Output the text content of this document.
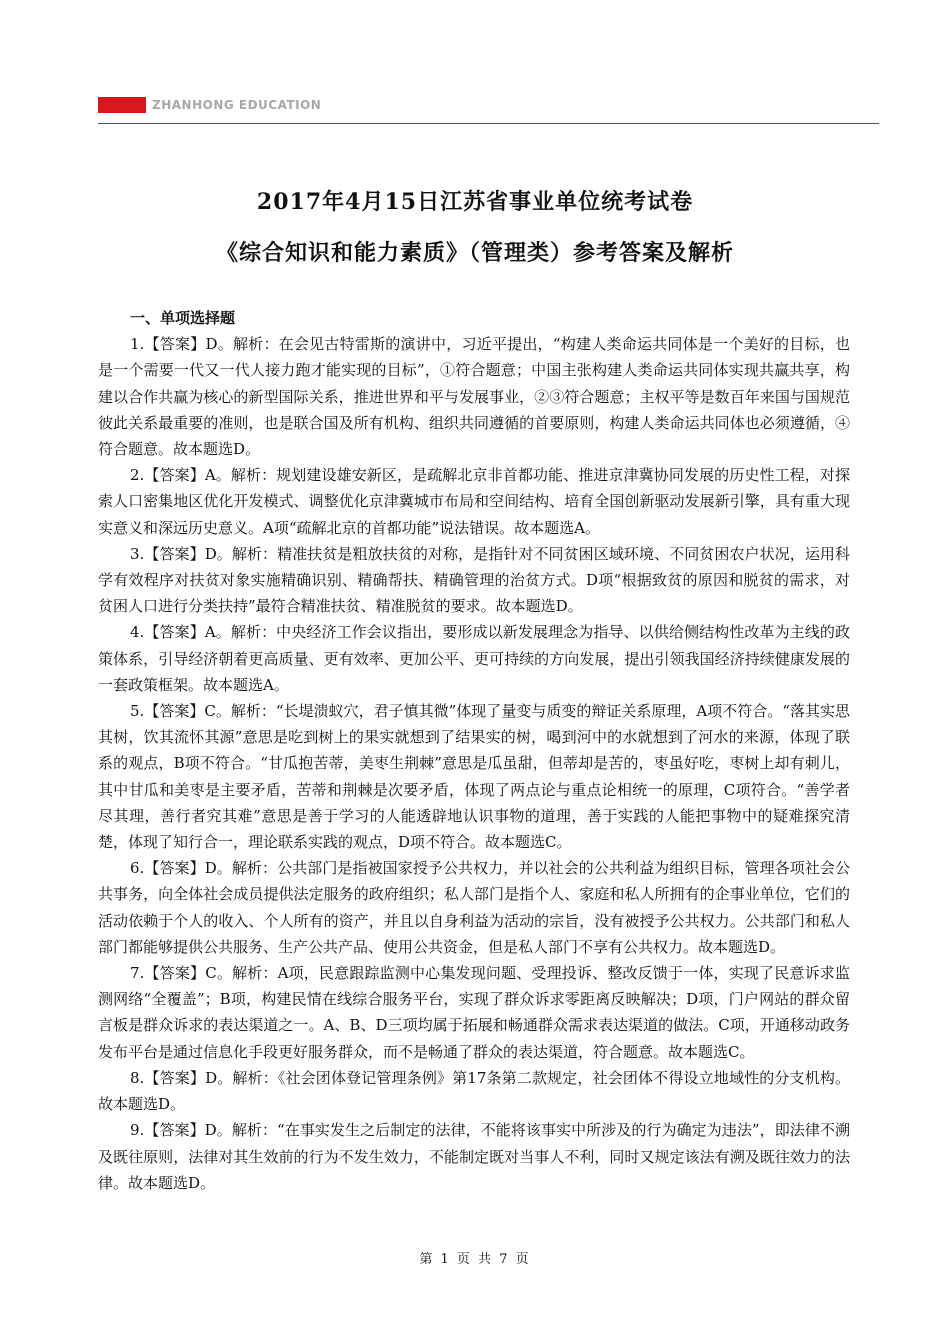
ZHANHONG EDUCATION
2017年4月15日江苏省事业单位统考试卷
《综合知识和能力素质》（管理类）参考答案及解析

一、单项选择题

1.【答案】D。解析：在会见古特雷斯的演讲中，习近平提出，“构建人类命运共同体是一个美好的目标，也是一个需要一代又一代人接力跑才能实现的目标”，①符合题意；中国主张构建人类命运共同体实现共赢共享，构建以合作共赢为核心的新型国际关系，推进世界和平与发展事业，②③符合题意；主权平等是数百年来国与国规范彼此关系最重要的准则，也是联合国及所有机构、组织共同遵循的首要原则，构建人类命运共同体也必须遵循，④符合题意。故本题选D。

2.【答案】A。解析：规划建设雄安新区，是疏解北京非首都功能、推进京津冀协同发展的历史性工程，对探索人口密集地区优化开发模式、调整优化京津冀城市布局和空间结构、培育全国创新驱动发展新引擎，具有重大现实意义和深远历史意义。A项“疏解北京的首都功能”说法错误。故本题选A。

3.【答案】D。解析：精准扶贫是粗放扶贫的对称，是指针对不同贫困区域环境、不同贫困农户状况，运用科学有效程序对扶贫对象实施精确识别、精确帮扶、精确管理的治贫方式。D项“根据致贫的原因和脱贫的需求，对贫困人口进行分类扶持”最符合精准扶贫、精准脱贫的要求。故本题选D。

4.【答案】A。解析：中央经济工作会议指出，要形成以新发展理念为指导、以供给侧结构性改革为主线的政策体系，引导经济朝着更高质量、更有效率、更加公平、更可持续的方向发展，提出引领我国经济持续健康发展的一套政策框架。故本题选A。

5.【答案】C。解析：“长堤溃蚁穴，君子慎其微”体现了量变与质变的辩证关系原理，A项不符合。“落其实思其树，饮其流怀其源”意思是吃到树上的果实就想到了结果实的树，喝到河中的水就想到了河水的来源，体现了联系的观点，B项不符合。“甘瓜抱苦蒂，美枣生荆棘”意思是瓜虽甜，但蒂却是苦的，枣虽好吃，枣树上却有刺儿，其中甘瓜和美枣是主要矛盾，苦蒂和荆棘是次要矛盾，体现了两点论与重点论相统一的原理，C项符合。“善学者尽其理，善行者究其难”意思是善于学习的人能透辟地认识事物的道理，善于实践的人能把事物中的疑难探究清楚，体现了知行合一，理论联系实践的观点，D项不符合。故本题选C。

6.【答案】D。解析：公共部门是指被国家授予公共权力，并以社会的公共利益为组织目标，管理各项社会公共事务，向全体社会成员提供法定服务的政府组织；私人部门是指个人、家庭和私人所拥有的企事业单位，它们的活动依赖于个人的收入、个人所有的资产，并且以自身利益为活动的宗旨，没有被授予公共权力。公共部门和私人部门都能够提供公共服务、生产公共产品、使用公共资金，但是私人部门不享有公共权力。故本题选D。

7.【答案】C。解析：A项，民意跟踪监测中心集发现问题、受理投诉、整改反馈于一体，实现了民意诉求监测网络“全覆盖”；B项，构建民情在线综合服务平台，实现了群众诉求零距离反映解决；D项，门户网站的群众留言板是群众诉求的表达渠道之一。A、B、D三项均属于拓展和畅通群众需求表达渠道的做法。C项，开通移动政务发布平台是通过信息化手段更好服务群众，而不是畅通了群众的表达渠道，符合题意。故本题选C。

8.【答案】D。解析：《社会团体登记管理条例》第17条第二款规定，社会团体不得设立地域性的分支机构。故本题选D。

9.【答案】D。解析：“在事实发生之后制定的法律，不能将该事实中所涉及的行为确定为违法”，即法律不溯及既往原则，法律对其生效前的行为不发生效力，不能制定既对当事人不利，同时又规定该法有溯及既往效力的法律。故本题选D。

第 1 页 共 7 页
